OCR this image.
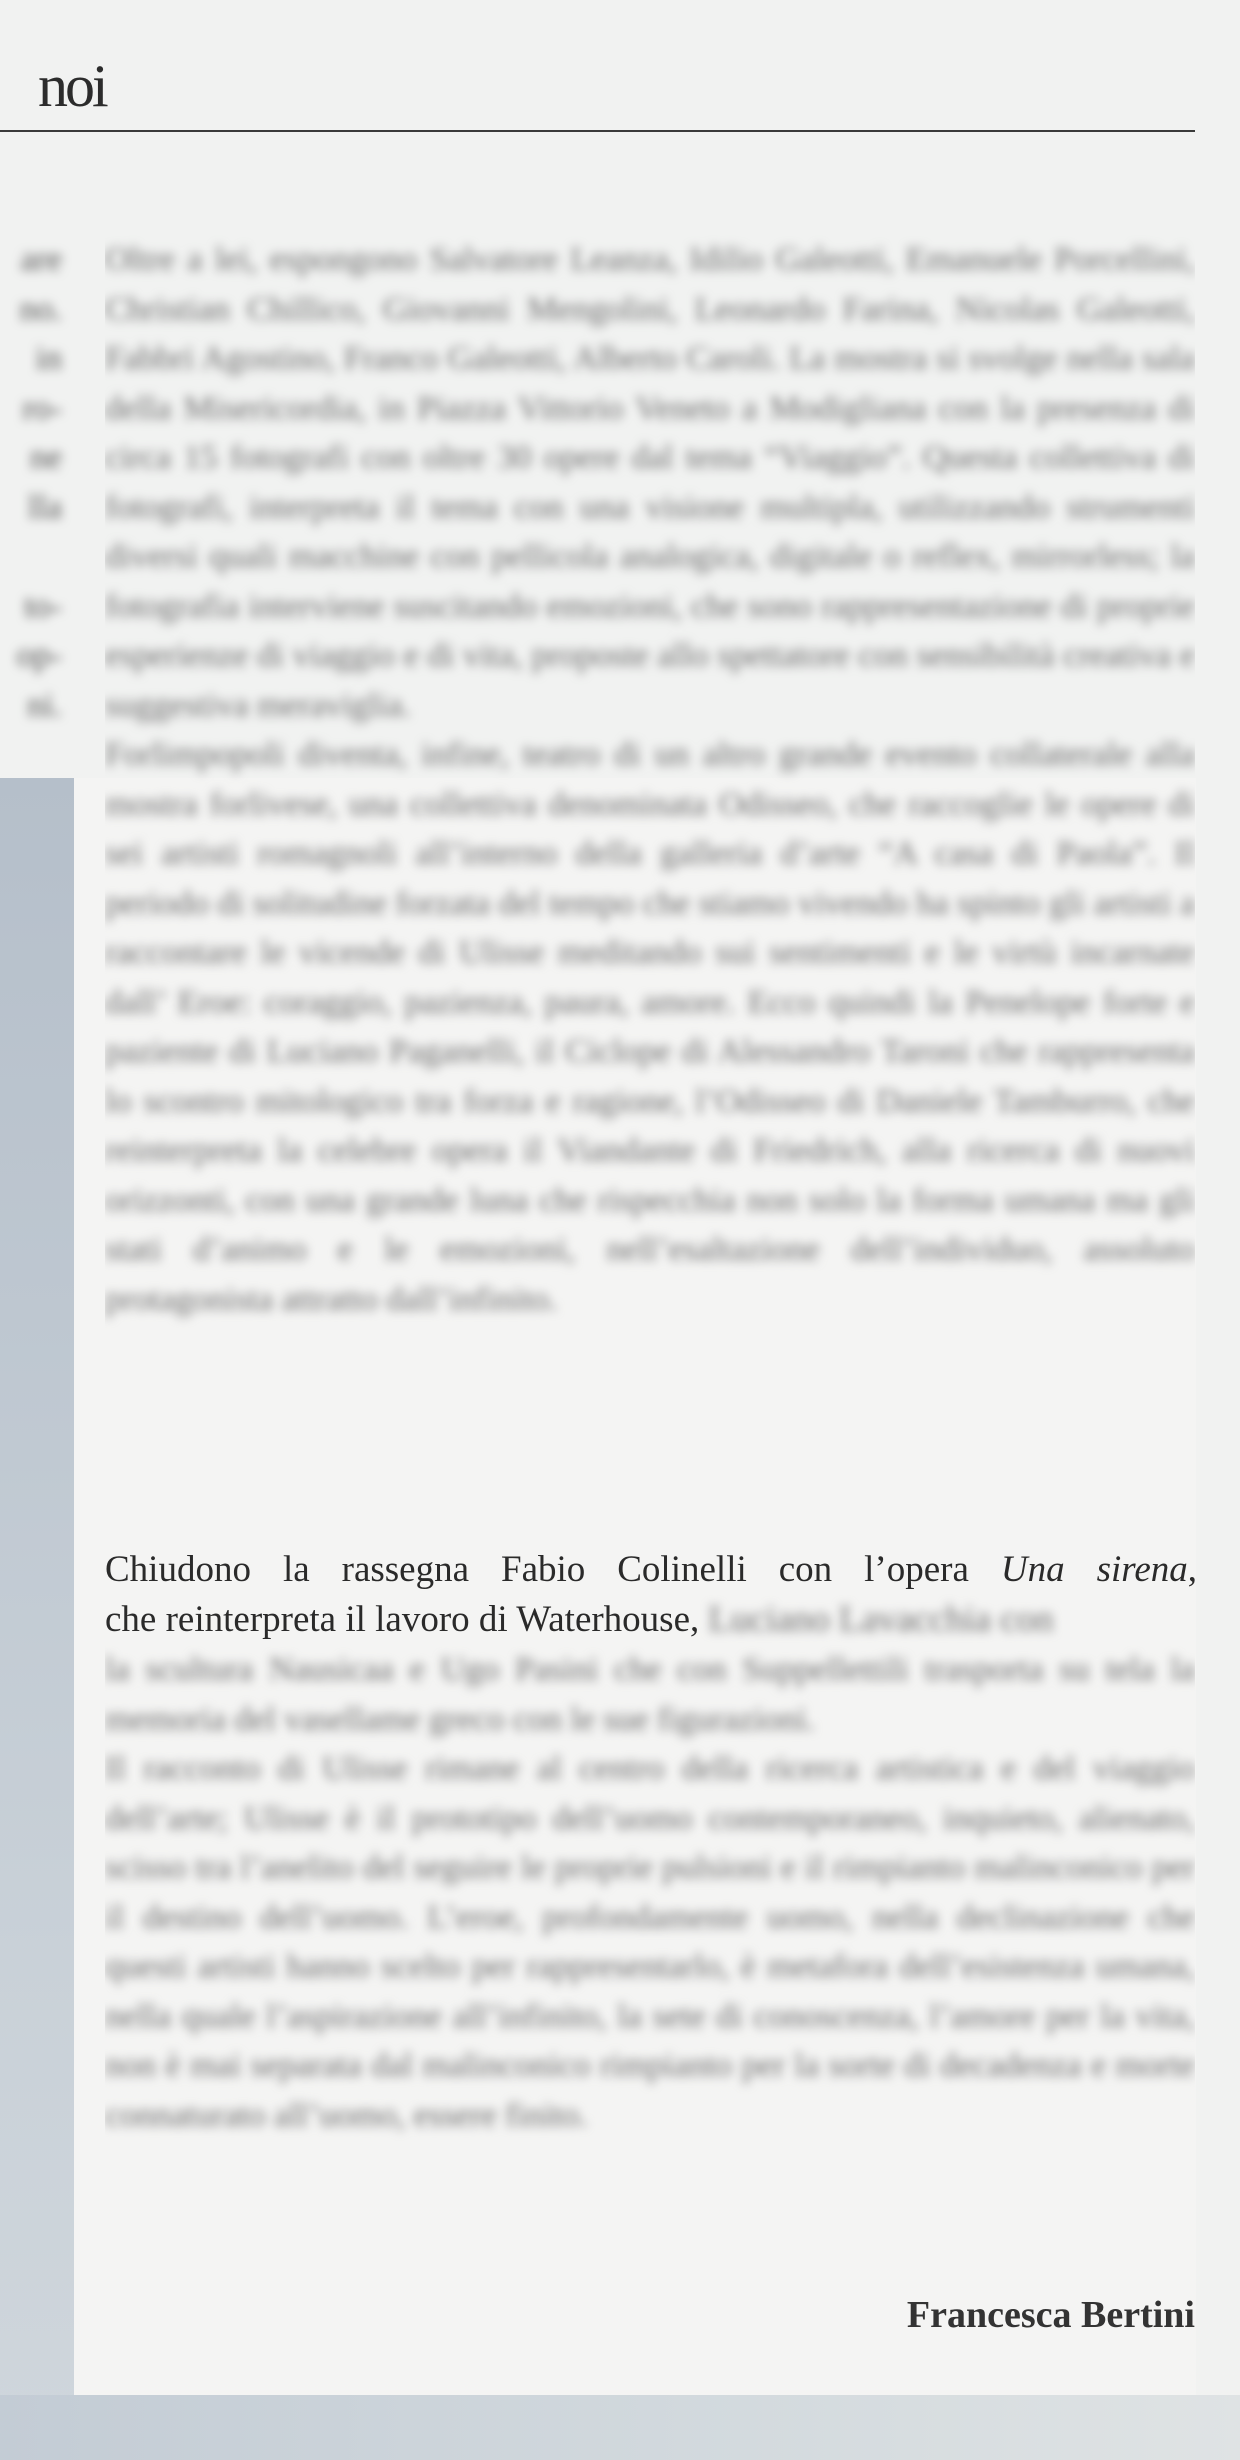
noi
are
no.
in
ro-
ne
lla

to-
op-
ni.

Oltre a lei, espongono Salvatore Leanza, Idilio Galeotti, Emanuele Porcellini, Christian Chillico, Giovanni Mengolini, Leonardo Farina, Nicolas Galeotti, Fabbri Agostino, Franco Galeotti, Alberto Caroli. La mostra si svolge nella sala della Misericordia, in Piazza Vittorio Veneto a Modigliana con la presenza di circa 15 fotografi con oltre 30 opere dal tema “Viaggio”. Questa collettiva di fotografi, interpreta il tema con una visione multipla, utilizzando strumenti diversi quali macchine con pellicola analogica, digitale o reflex, mirrorless; la fotografia interviene suscitando emozioni, che sono rappresentazione di proprie esperienze di viaggio e di vita, proposte allo spettatore con sensibilità creativa e suggestiva meraviglia.

Forlimpopoli diventa, infine, teatro di un altro grande evento collaterale alla mostra forlivese, una collettiva denominata Odisseo, che raccoglie le opere di sei artisti romagnoli all’interno della galleria d’arte “A casa di Paola”. Il periodo di solitudine forzata del tempo che stiamo vivendo ha spinto gli artisti a raccontare le vicende di Ulisse meditando sui sentimenti e le virtù incarnate dall’ Eroe: coraggio, pazienza, paura, amore. Ecco quindi la Penelope forte e paziente di Luciano Paganelli, il Ciclope di Alessandro Taroni che rappresenta lo scontro mitologico tra forza e ragione, l’Odisseo di Daniele Tamburro, che reinterpreta la celebre opera il Viandante di Friedrich, alla ricerca di nuovi orizzonti, con una grande luna che rispecchia non solo la forma umana ma gli stati d’animo e le emozioni, nell’esaltazione dell’individuo, assoluto protagonista attratto dall’infinito.

Chiudono la rassegna Fabio Colinelli con l’opera Una sirena,
che reinterpreta il lavoro di Waterhouse, Luciano Lavacchia con

la scultura Nausicaa e Ugo Pasini che con Suppellettili trasporta su tela la memoria del vasellame greco con le sue figurazioni.

Il racconto di Ulisse rimane al centro della ricerca artistica e del viaggio dell’arte; Ulisse è il prototipo dell’uomo contemporaneo, inquieto, alienato, scisso tra l’anelito del seguire le proprie pulsioni e il rimpianto malinconico per il destino dell’uomo. L’eroe, profondamente uomo, nella declinazione che questi artisti hanno scelto per rappresentarlo, è metafora dell’esistenza umana, nella quale l’aspirazione all’infinito, la sete di conoscenza, l’amore per la vita, non è mai separata dal malinconico rimpianto per la sorte di decadenza e morte connaturato all’uomo, essere finito.

Francesca Bertini
